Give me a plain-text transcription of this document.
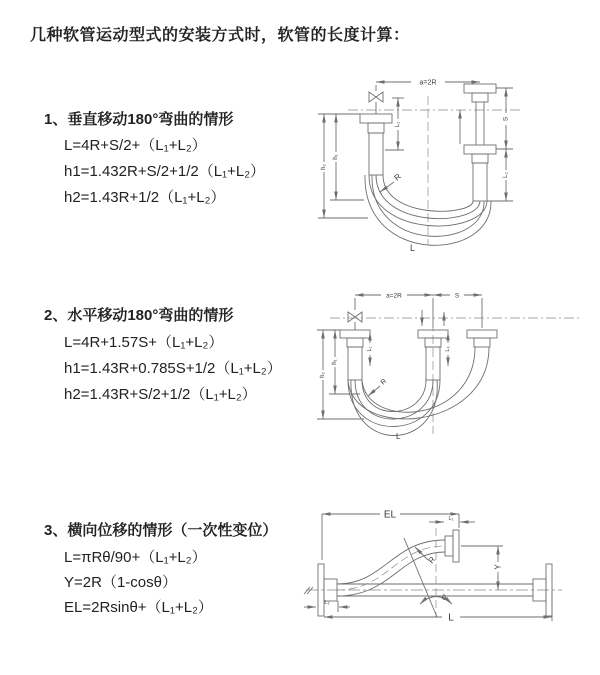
几种软管运动型式的安装方式时，软管的长度计算：
1、垂直移动180°弯曲的情形
L=4R+S/2+（L₁+L₂）
h1=1.432R+S/2+1/2（L₁+L₂）
h2=1.43R+1/2（L₁+L₂）
2、水平移动180°弯曲的情形
L=4R+1.57S+（L₁+L₂）
h1=1.43R+0.785S+1/2（L₁+L₂）
h2=1.43R+S/2+1/2（L₁+L₂）
3、横向位移的情形（一次性变位）
L=πRθ/90+（L₁+L₂）
Y=2R（1-cosθ）
EL=2Rsinθ+（L₁+L₂）
a=2R
L₁
S
L₂
h₂
h₁
R
L
a=2R	S
L₁	L₂
h₂
h₁
R
L
EL	L₁
Y
θ
R
L₂
L
